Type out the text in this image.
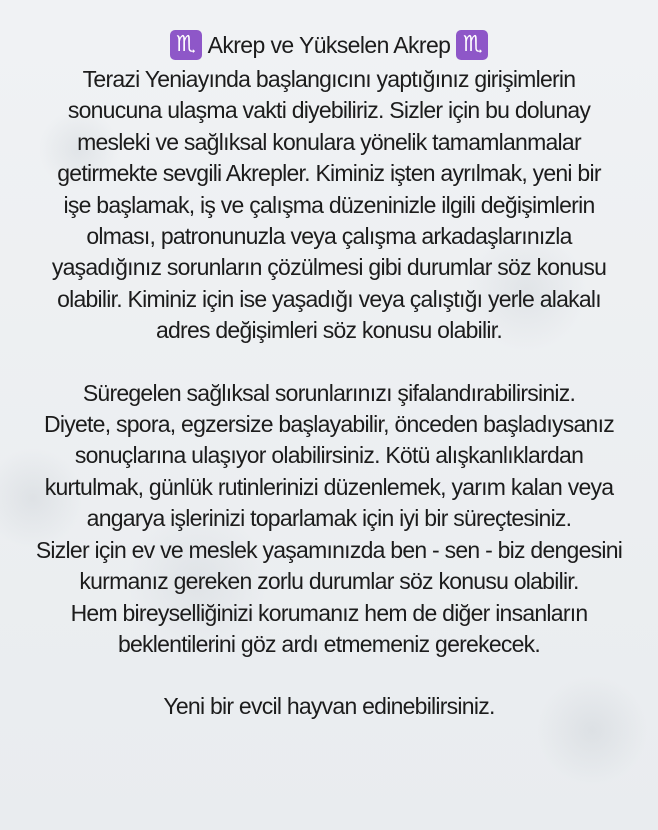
♏ Akrep ve Yükselen Akrep ♏

Terazi Yeniayında başlangıcını yaptığınız girişimlerin
sonucuna ulaşma vakti diyebiliriz. Sizler için bu dolunay
mesleki ve sağlıksal konulara yönelik tamamlanmalar
getirmekte sevgili Akrepler. Kiminiz işten ayrılmak, yeni bir
işe başlamak, iş ve çalışma düzeninizle ilgili değişimlerin
olması, patronunuzla veya çalışma arkadaşlarınızla
yaşadığınız sorunların çözülmesi gibi durumlar söz konusu
olabilir. Kiminiz için ise yaşadığı veya çalıştığı yerle alakalı
adres değişimleri söz konusu olabilir.

Süregelen sağlıksal sorunlarınızı şifalandırabilirsiniz.
Diyete, spora, egzersize başlayabilir, önceden başladıysanız
sonuçlarına ulaşıyor olabilirsiniz. Kötü alışkanlıklardan
kurtulmak, günlük rutinlerinizi düzenlemek, yarım kalan veya
angarya işlerinizi toparlamak için iyi bir süreçtesiniz.
Sizler için ev ve meslek yaşamınızda ben - sen - biz dengesini
kurmanız gereken zorlu durumlar söz konusu olabilir.
Hem bireyselliğinizi korumanız hem de diğer insanların
beklentilerini göz ardı etmemeniz gerekecek.

Yeni bir evcil hayvan edinebilirsiniz.
